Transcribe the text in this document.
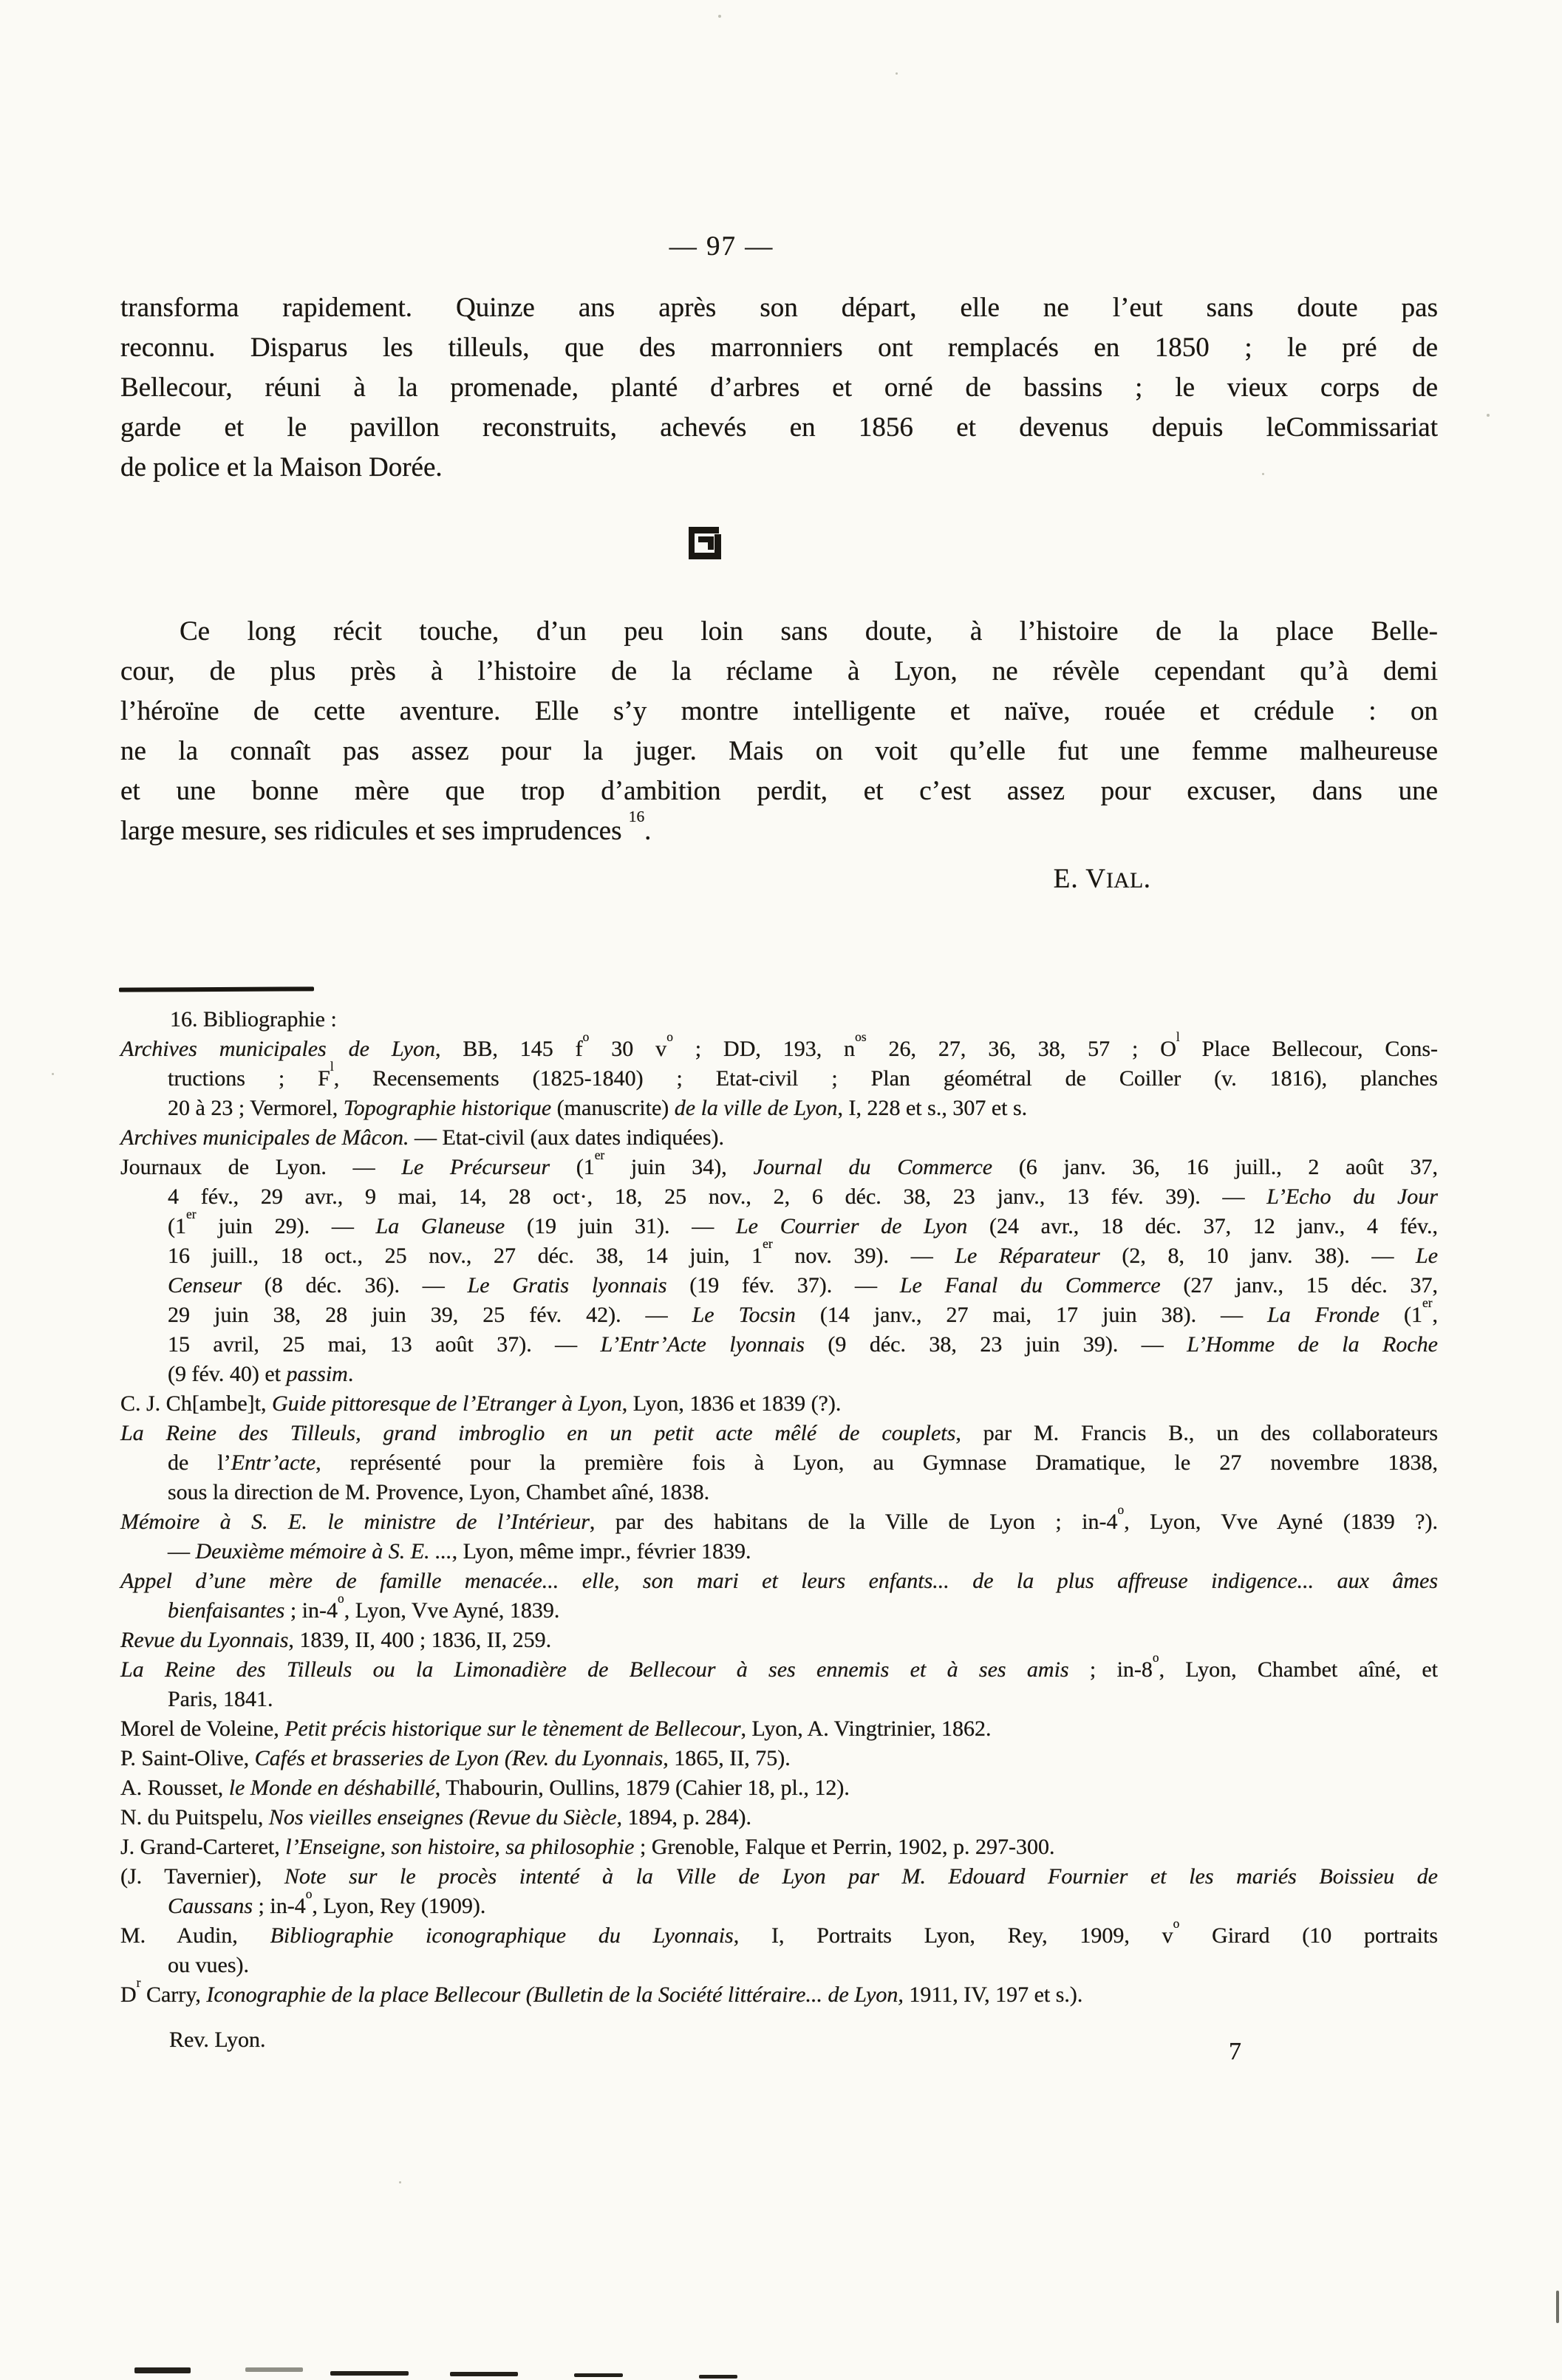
— 97 —
transforma rapidement. Quinze ans après son départ, elle ne l’eut sans doute pas
reconnu. Disparus les tilleuls, que des marronniers ont remplacés en 1850 ; le pré de
Bellecour, réuni à la promenade, planté d’arbres et orné de bassins ; le vieux corps de
garde et le pavillon reconstruits, achevés en 1856 et devenus depuis leCommissariat
de police et la Maison Dorée.
Ce long récit touche, d’un peu loin sans doute, à l’histoire de la place Belle-
cour, de plus près à l’histoire de la réclame à Lyon, ne révèle cependant qu’à demi
l’héroïne de cette aventure. Elle s’y montre intelligente et naïve, rouée et crédule : on
ne la connaît pas assez pour la juger. Mais on voit qu’elle fut une femme malheureuse
et une bonne mère que trop d’ambition perdit, et c’est assez pour excuser, dans une
large mesure, ses ridicules et ses imprudences $^{16}$.
E. VIAL.
16. Bibliographie :
Archives municipales de Lyon, BB, 145 $f^o$ 30 $v^o$ ; DD, 193, $n^{os}$ 26, 27, 36, 38, 57 ; $O^l$ Place Bellecour, Cons-
tructions ; $F^l$, Recensements (1825-1840) ; Etat-civil ; Plan géométral de Coiller (v. 1816), planches
20 à 23 ; Vermorel, Topographie historique (manuscrite) de la ville de Lyon, I, 228 et s., 307 et s.
Archives municipales de Mâcon. — Etat-civil (aux dates indiquées).
Journaux de Lyon. — Le Précurseur (1er juin 34), Journal du Commerce (6 janv. 36, 16 juill., 2 août 37,
4 fév., 29 avr., 9 mai, 14, 28 oct·, 18, 25 nov., 2, 6 déc. 38, 23 janv., 13 fév. 39). — L’Echo du Jour
(1er juin 29). — La Glaneuse (19 juin 31). — Le Courrier de Lyon (24 avr., 18 déc. 37, 12 janv., 4 fév.,
16 juill., 18 oct., 25 nov., 27 déc. 38, 14 juin, 1er nov. 39). — Le Réparateur (2, 8, 10 janv. 38). — Le
Censeur (8 déc. 36). — Le Gratis lyonnais (19 fév. 37). — Le Fanal du Commerce (27 janv., 15 déc. 37,
29 juin 38, 28 juin 39, 25 fév. 42). — Le Tocsin (14 janv., 27 mai, 17 juin 38). — La Fronde (1er,
15 avril, 25 mai, 13 août 37). — L’Entr’Acte lyonnais (9 déc. 38, 23 juin 39). — L’Homme de la Roche
(9 fév. 40) et passim.
C. J. Ch[ambe]t, Guide pittoresque de l’Etranger à Lyon, Lyon, 1836 et 1839 (?).
La Reine des Tilleuls, grand imbroglio en un petit acte mêlé de couplets, par M. Francis B., un des collaborateurs
de l’Entr’acte, représenté pour la première fois à Lyon, au Gymnase Dramatique, le 27 novembre 1838,
sous la direction de M. Provence, Lyon, Chambet aîné, 1838.
Mémoire à S. E. le ministre de l’Intérieur, par des habitans de la Ville de Lyon ; in-4$^o$, Lyon, Vve Ayné (1839 ?).
— Deuxième mémoire à S. E. ..., Lyon, même impr., février 1839.
Appel d’une mère de famille menacée... elle, son mari et leurs enfants... de la plus affreuse indigence... aux âmes
bienfaisantes ; in-4$^o$, Lyon, Vve Ayné, 1839.
Revue du Lyonnais, 1839, II, 400 ; 1836, II, 259.
La Reine des Tilleuls ou la Limonadière de Bellecour à ses ennemis et à ses amis ; in-8$^o$, Lyon, Chambet aîné, et
Paris, 1841.
Morel de Voleine, Petit précis historique sur le tènement de Bellecour, Lyon, A. Vingtrinier, 1862.
P. Saint-Olive, Cafés et brasseries de Lyon (Rev. du Lyonnais, 1865, II, 75).
A. Rousset, le Monde en déshabillé, Thabourin, Oullins, 1879 (Cahier 18, pl., 12).
N. du Puitspelu, Nos vieilles enseignes (Revue du Siècle, 1894, p. 284).
J. Grand-Carteret, l’Enseigne, son histoire, sa philosophie ; Grenoble, Falque et Perrin, 1902, p. 297-300.
(J. Tavernier), Note sur le procès intenté à la Ville de Lyon par M. Edouard Fournier et les mariés Boissieu de
Caussans ; in-4$^o$, Lyon, Rey (1909).
M. Audin, Bibliographie iconographique du Lyonnais, I, Portraits Lyon, Rey, 1909, $v^o$ Girard (10 portraits
ou vues).
$D^r$ Carry, Iconographie de la place Bellecour (Bulletin de la Société littéraire... de Lyon, 1911, IV, 197 et s.).
Rev. Lyon.	7
